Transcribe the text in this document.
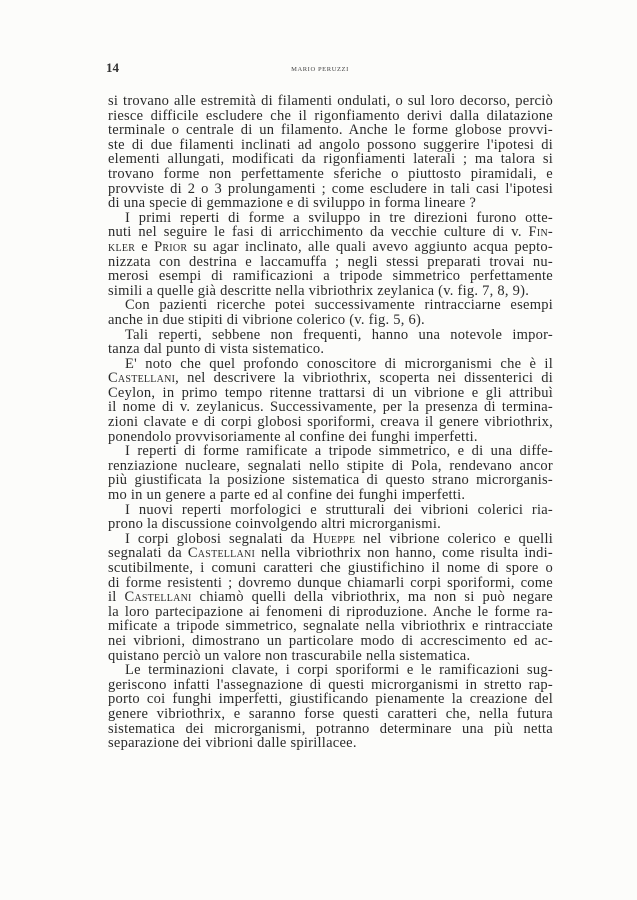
14	MARIO PERUZZI
si trovano alle estremità di filamenti ondulati, o sul loro decorso, perciò
riesce difficile escludere che il rigonfiamento derivi dalla dilatazione
terminale o centrale di un filamento. Anche le forme globose provvi-
ste di due filamenti inclinati ad angolo possono suggerire l'ipotesi di
elementi allungati, modificati da rigonfiamenti laterali ; ma talora si
trovano forme non perfettamente sferiche o piuttosto piramidali, e
provviste di 2 o 3 prolungamenti ; come escludere in tali casi l'ipotesi
di una specie di gemmazione e di sviluppo in forma lineare ?
I primi reperti di forme a sviluppo in tre direzioni furono otte-
nuti nel seguire le fasi di arricchimento da vecchie culture di v. Fin-
kler e Prior su agar inclinato, alle quali avevo aggiunto acqua pepto-
nizzata con destrina e laccamuffa ; negli stessi preparati trovai nu-
merosi esempi di ramificazioni a tripode simmetrico perfettamente
simili a quelle già descritte nella vibriothrix zeylanica (v. fig. 7, 8, 9).
Con pazienti ricerche potei successivamente rintracciarne esempi
anche in due stipiti di vibrione colerico (v. fig. 5, 6).
Tali reperti, sebbene non frequenti, hanno una notevole impor-
tanza dal punto di vista sistematico.
E' noto che quel profondo conoscitore di microrganismi che è il
Castellani, nel descrivere la vibriothrix, scoperta nei dissenterici di
Ceylon, in primo tempo ritenne trattarsi di un vibrione e gli attribuì
il nome di v. zeylanicus. Successivamente, per la presenza di termina-
zioni clavate e di corpi globosi sporiformi, creava il genere vibriothrix,
ponendolo provvisoriamente al confine dei funghi imperfetti.
I reperti di forme ramificate a tripode simmetrico, e di una diffe-
renziazione nucleare, segnalati nello stipite di Pola, rendevano ancor
più giustificata la posizione sistematica di questo strano microrganis-
mo in un genere a parte ed al confine dei funghi imperfetti.
I nuovi reperti morfologici e strutturali dei vibrioni colerici ria-
prono la discussione coinvolgendo altri microrganismi.
I corpi globosi segnalati da Hueppe nel vibrione colerico e quelli
segnalati da Castellani nella vibriothrix non hanno, come risulta indi-
scutibilmente, i comuni caratteri che giustifichino il nome di spore o
di forme resistenti ; dovremo dunque chiamarli corpi sporiformi, come
il Castellani chiamò quelli della vibriothrix, ma non si può negare
la loro partecipazione ai fenomeni di riproduzione. Anche le forme ra-
mificate a tripode simmetrico, segnalate nella vibriothrix e rintracciate
nei vibrioni, dimostrano un particolare modo di accrescimento ed ac-
quistano perciò un valore non trascurabile nella sistematica.
Le terminazioni clavate, i corpi sporiformi e le ramificazioni sug-
geriscono infatti l'assegnazione di questi microrganismi in stretto rap-
porto coi funghi imperfetti, giustificando pienamente la creazione del
genere vibriothrix, e saranno forse questi caratteri che, nella futura
sistematica dei microrganismi, potranno determinare una più netta
separazione dei vibrioni dalle spirillacee.
